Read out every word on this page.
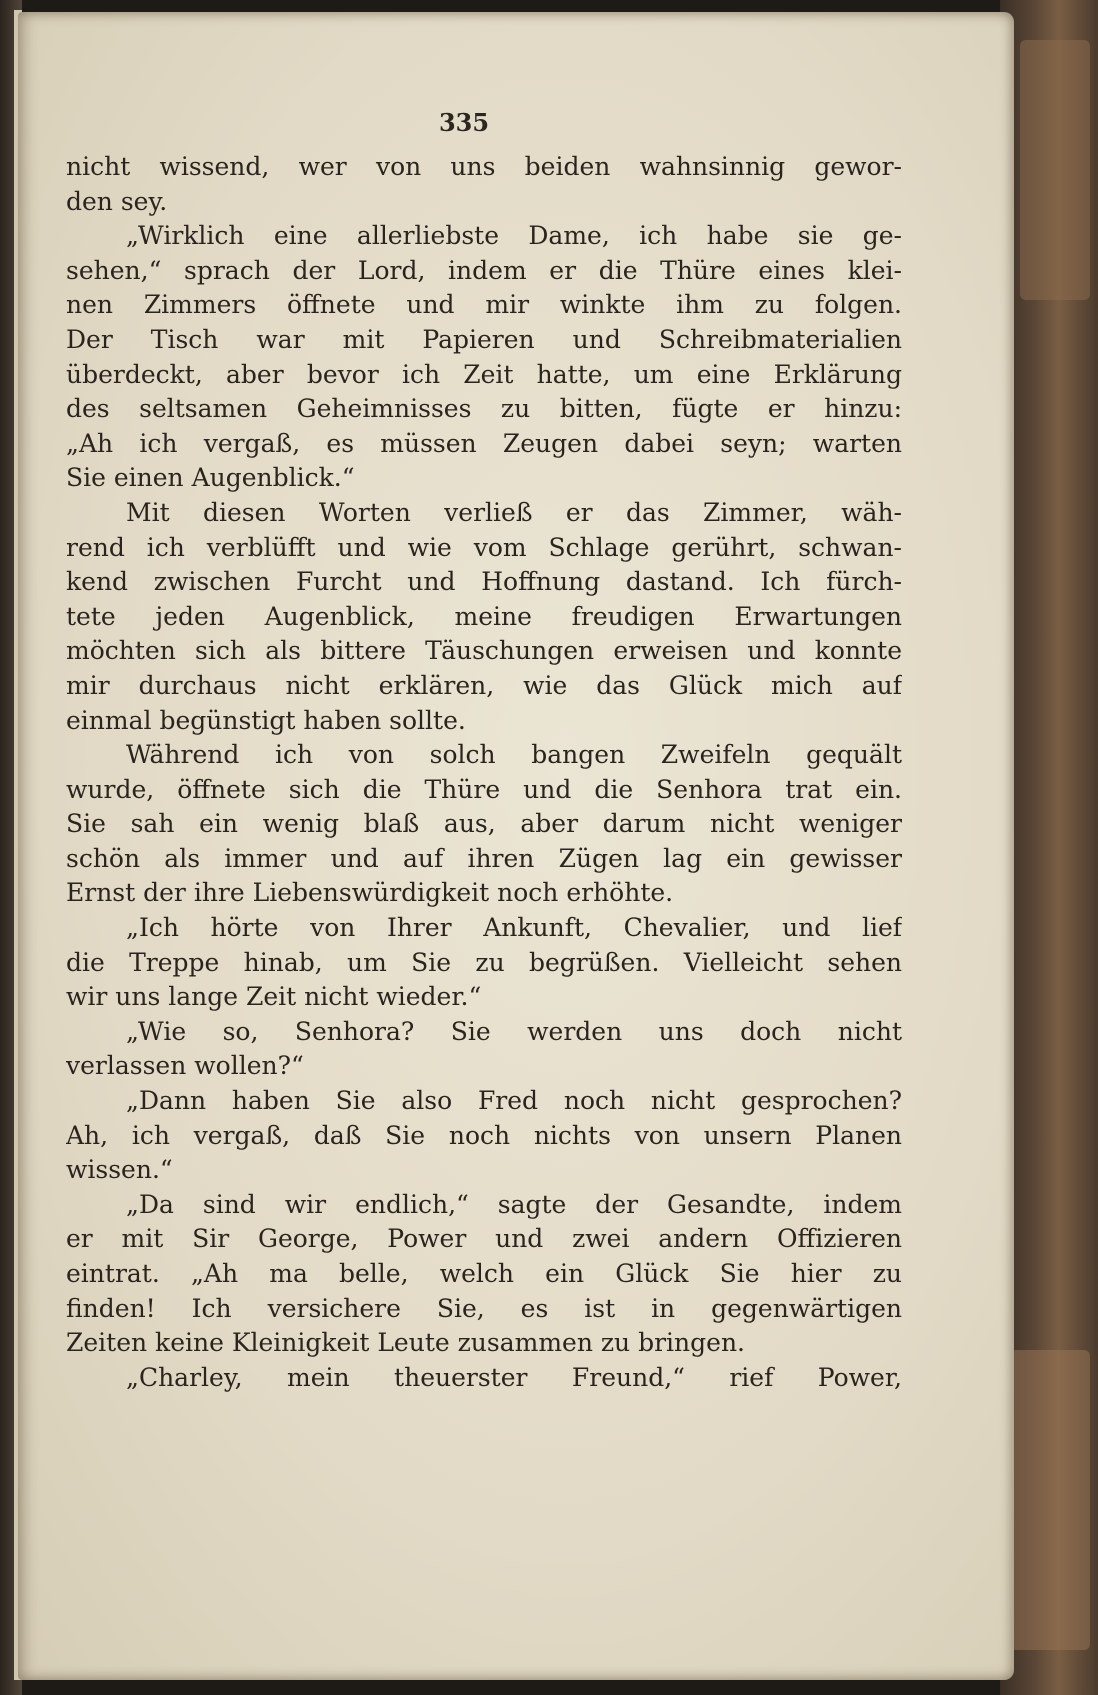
335
nicht wissend, wer von uns beiden wahnsinnig gewor-
den sey.
„Wirklich eine allerliebste Dame, ich habe sie ge-
sehen,“ sprach der Lord, indem er die Thüre eines klei-
nen Zimmers öffnete und mir winkte ihm zu folgen.
Der Tisch war mit Papieren und Schreibmaterialien
überdeckt, aber bevor ich Zeit hatte, um eine Erklärung
des seltsamen Geheimnisses zu bitten, fügte er hinzu:
„Ah ich vergaß, es müssen Zeugen dabei seyn; warten
Sie einen Augenblick.“
Mit diesen Worten verließ er das Zimmer, wäh-
rend ich verblüfft und wie vom Schlage gerührt, schwan-
kend zwischen Furcht und Hoffnung dastand. Ich fürch-
tete jeden Augenblick, meine freudigen Erwartungen
möchten sich als bittere Täuschungen erweisen und konnte
mir durchaus nicht erklären, wie das Glück mich auf
einmal begünstigt haben sollte.
Während ich von solch bangen Zweifeln gequält
wurde, öffnete sich die Thüre und die Senhora trat ein.
Sie sah ein wenig blaß aus, aber darum nicht weniger
schön als immer und auf ihren Zügen lag ein gewisser
Ernst der ihre Liebenswürdigkeit noch erhöhte.
„Ich hörte von Ihrer Ankunft, Chevalier, und lief
die Treppe hinab, um Sie zu begrüßen. Vielleicht sehen
wir uns lange Zeit nicht wieder.“
„Wie so, Senhora? Sie werden uns doch nicht
verlassen wollen?“
„Dann haben Sie also Fred noch nicht gesprochen?
Ah, ich vergaß, daß Sie noch nichts von unsern Planen
wissen.“
„Da sind wir endlich,“ sagte der Gesandte, indem
er mit Sir George, Power und zwei andern Offizieren
eintrat. „Ah ma belle, welch ein Glück Sie hier zu
finden! Ich versichere Sie, es ist in gegenwärtigen
Zeiten keine Kleinigkeit Leute zusammen zu bringen.
„Charley, mein theuerster Freund,“ rief Power,
